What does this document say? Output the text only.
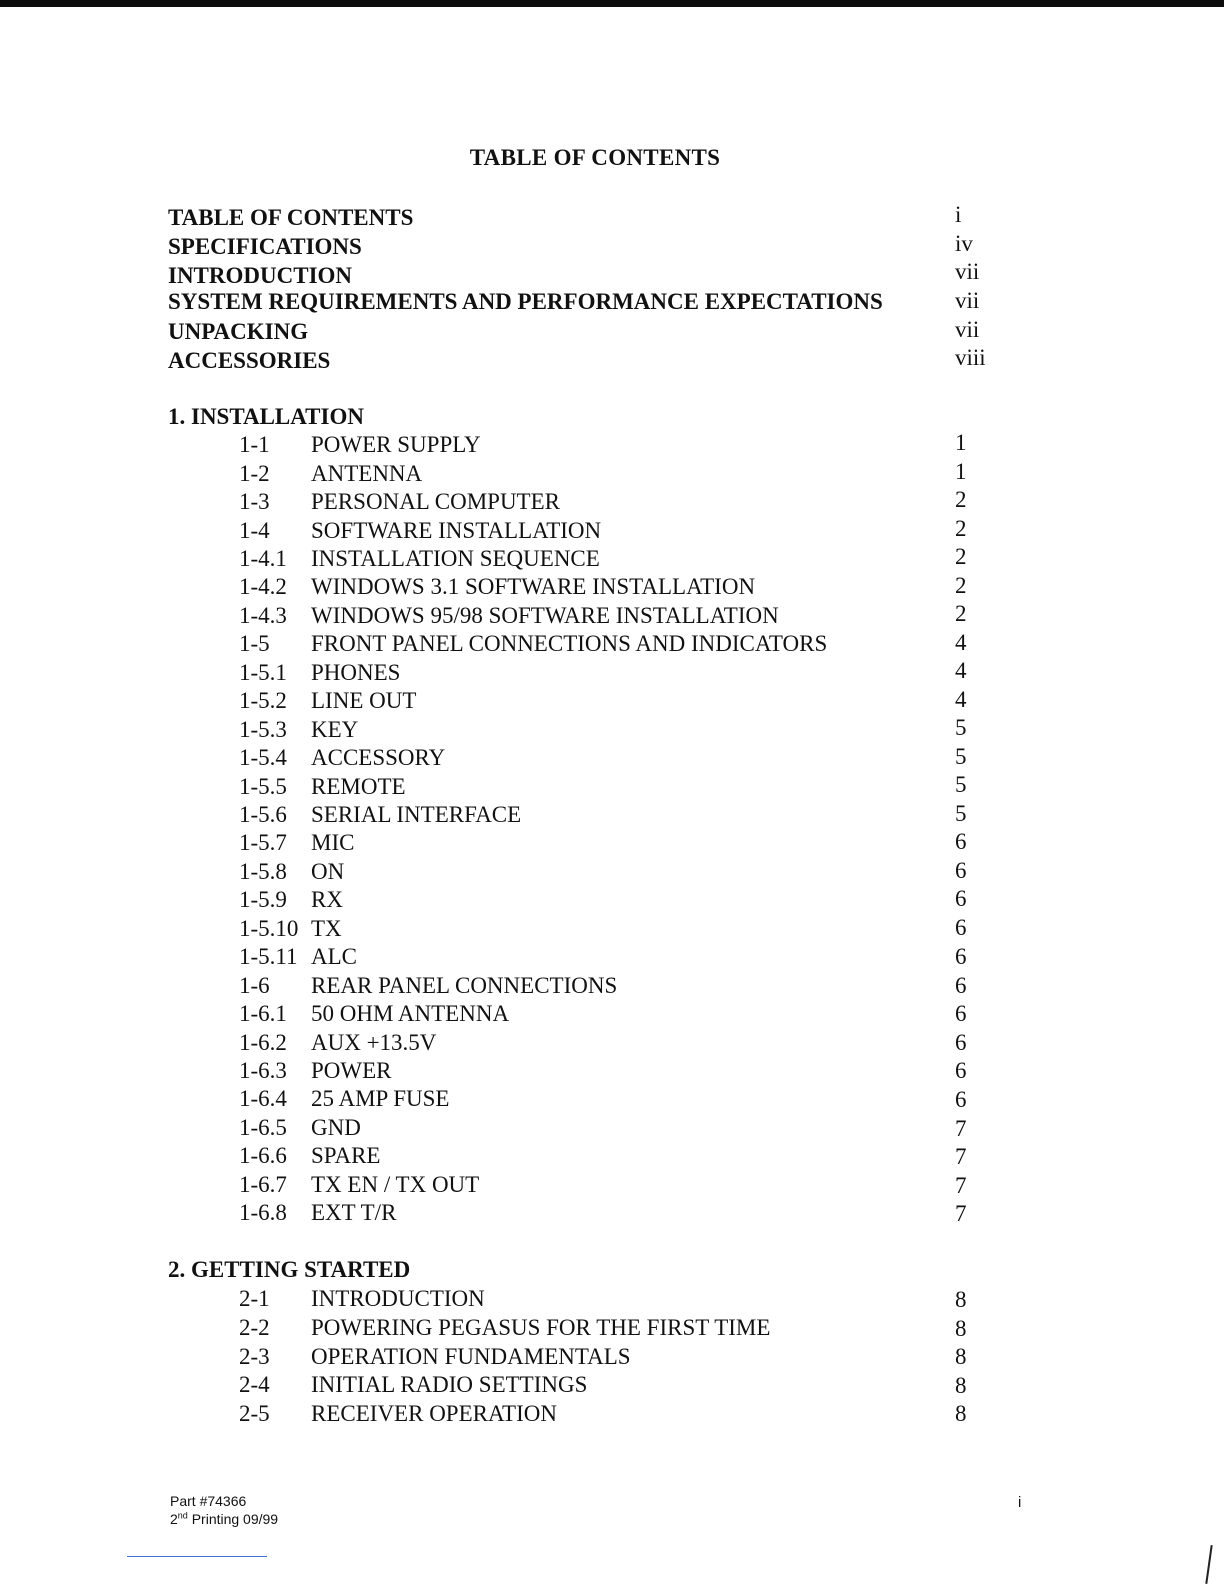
TABLE OF CONTENTS
TABLE OF CONTENTS	i
SPECIFICATIONS	iv
INTRODUCTION	vii
SYSTEM REQUIREMENTS AND PERFORMANCE EXPECTATIONS	vii
UNPACKING	vii
ACCESSORIES	viii
1. INSTALLATION
1-1 POWER SUPPLY	1
1-2 ANTENNA	1
1-3 PERSONAL COMPUTER	2
1-4 SOFTWARE INSTALLATION	2
1-4.1 INSTALLATION SEQUENCE	2
1-4.2 WINDOWS 3.1 SOFTWARE INSTALLATION	2
1-4.3 WINDOWS 95/98 SOFTWARE INSTALLATION	2
1-5 FRONT PANEL CONNECTIONS AND INDICATORS	4
1-5.1 PHONES	4
1-5.2 LINE OUT	4
1-5.3 KEY	5
1-5.4 ACCESSORY	5
1-5.5 REMOTE	5
1-5.6 SERIAL INTERFACE	5
1-5.7 MIC	6
1-5.8 ON	6
1-5.9 RX	6
1-5.10 TX	6
1-5.11 ALC	6
1-6 REAR PANEL CONNECTIONS	6
1-6.1 50 OHM ANTENNA	6
1-6.2 AUX +13.5V	6
1-6.3 POWER	6
1-6.4 25 AMP FUSE	6
1-6.5 GND	7
1-6.6 SPARE	7
1-6.7 TX EN / TX OUT	7
1-6.8 EXT T/R	7
2. GETTING STARTED
2-1 INTRODUCTION	8
2-2 POWERING PEGASUS FOR THE FIRST TIME	8
2-3 OPERATION FUNDAMENTALS	8
2-4 INITIAL RADIO SETTINGS	8
2-5 RECEIVER OPERATION	8
Part #74366
2nd Printing 09/99
i
